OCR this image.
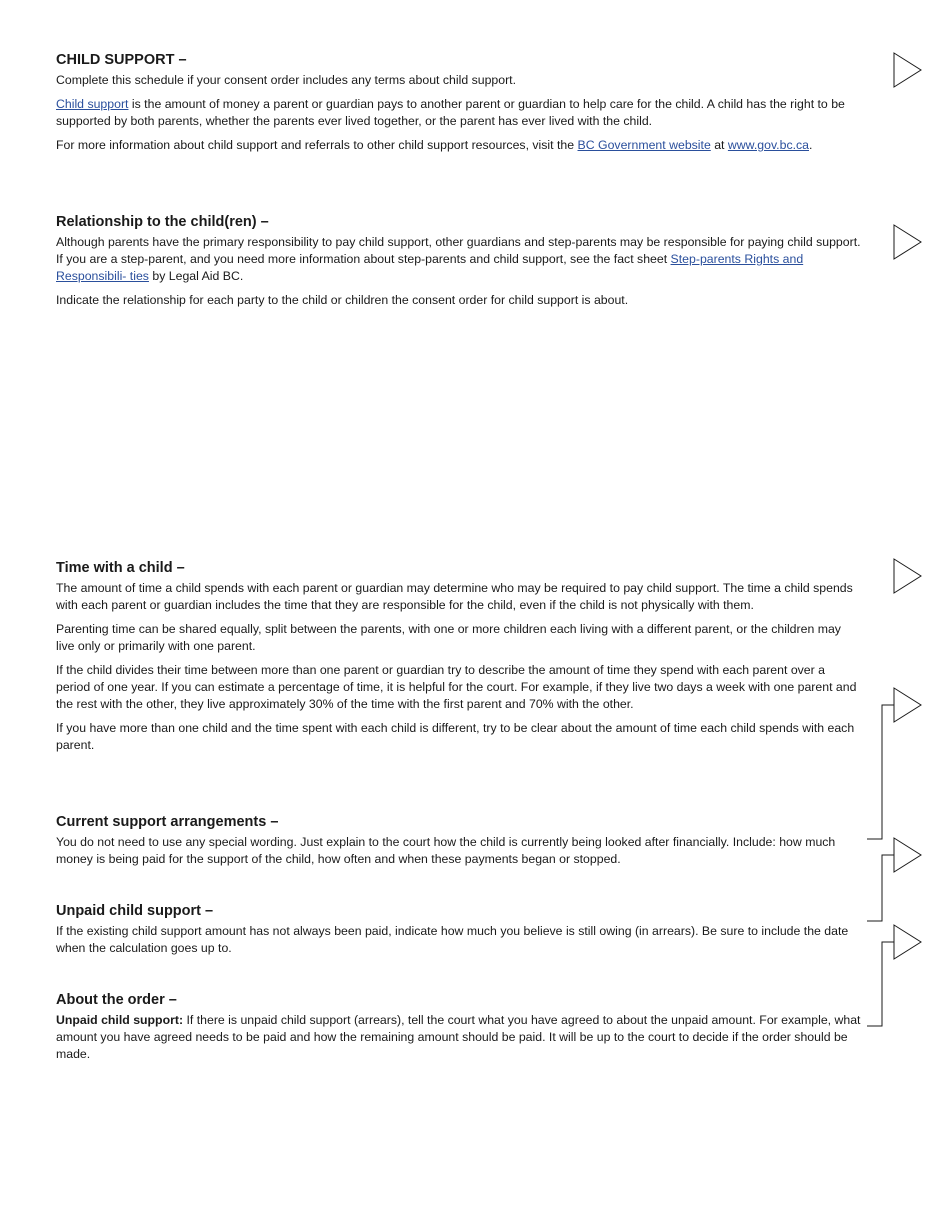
CHILD SUPPORT –
Complete this schedule if your consent order includes any terms about child support.
Child support is the amount of money a parent or guardian pays to another parent or guardian to help care for the child. A child has the right to be supported by both parents, whether the parents ever lived together, or the parent has ever lived with the child.
For more information about child support and referrals to other child support resources, visit the BC Government website at www.gov.bc.ca.
Relationship to the child(ren) –
Although parents have the primary responsibility to pay child support, other guardians and step-parents may be responsible for paying child support. If you are a step-parent, and you need more information about step-parents and child support, see the fact sheet Step-parents Rights and Responsibili- ties by Legal Aid BC.
Indicate the relationship for each party to the child or children the consent order for child support is about.
Time with a child –
The amount of time a child spends with each parent or guardian may determine who may be required to pay child support. The time a child spends with each parent or guardian includes the time that they are responsible for the child, even if the child is not physically with them.
Parenting time can be shared equally, split between the parents, with one or more children each living with a different parent, or the children may live only or primarily with one parent.
If the child divides their time between more than one parent or guardian try to describe the amount of time they spend with each parent over a period of one year. If you can estimate a percentage of time, it is helpful for the court. For example, if they live two days a week with one parent and the rest with the other, they live approximately 30% of the time with the first parent and 70% with the other.
If you have more than one child and the time spent with each child is different, try to be clear about the amount of time each child spends with each parent.
Current support arrangements –
You do not need to use any special wording. Just explain to the court how the child is currently being looked after financially. Include: how much money is being paid for the support of the child, how often and when these payments began or stopped.
Unpaid child support –
If the existing child support amount has not always been paid, indicate how much you believe is still owing (in arrears). Be sure to include the date when the calculation goes up to.
About the order –
Unpaid child support: If there is unpaid child support (arrears), tell the court what you have agreed to about the unpaid amount. For example, what amount you have agreed needs to be paid and how the remaining amount should be paid. It will be up to the court to decide if the order should be made.
